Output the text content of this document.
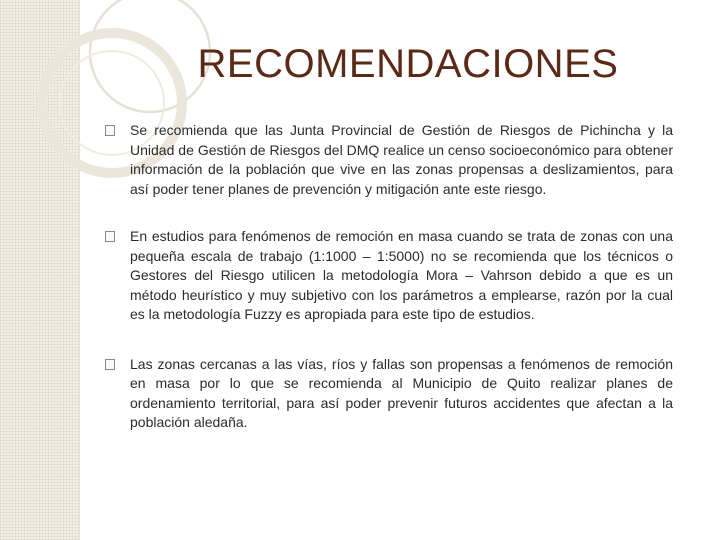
RECOMENDACIONES
Se recomienda que las Junta Provincial de Gestión de Riesgos de Pichincha y la Unidad de Gestión de Riesgos del DMQ realice un censo socioeconómico para obtener información de la población que vive en las zonas propensas a deslizamientos, para así poder tener planes de prevención y mitigación ante este riesgo.
En estudios para fenómenos de remoción en masa cuando se trata de zonas con una pequeña escala de trabajo (1:1000 – 1:5000) no se recomienda que los técnicos o Gestores del Riesgo utilicen la metodología Mora – Vahrson debido a que es un método heurístico y muy subjetivo con los parámetros a emplearse, razón por la cual es la metodología Fuzzy es apropiada para este tipo de estudios.
Las zonas cercanas a las vías, ríos y fallas son propensas a fenómenos de remoción en masa por lo que se recomienda al Municipio de Quito realizar planes de ordenamiento territorial, para así poder prevenir futuros accidentes que afectan a la población aledaña.
